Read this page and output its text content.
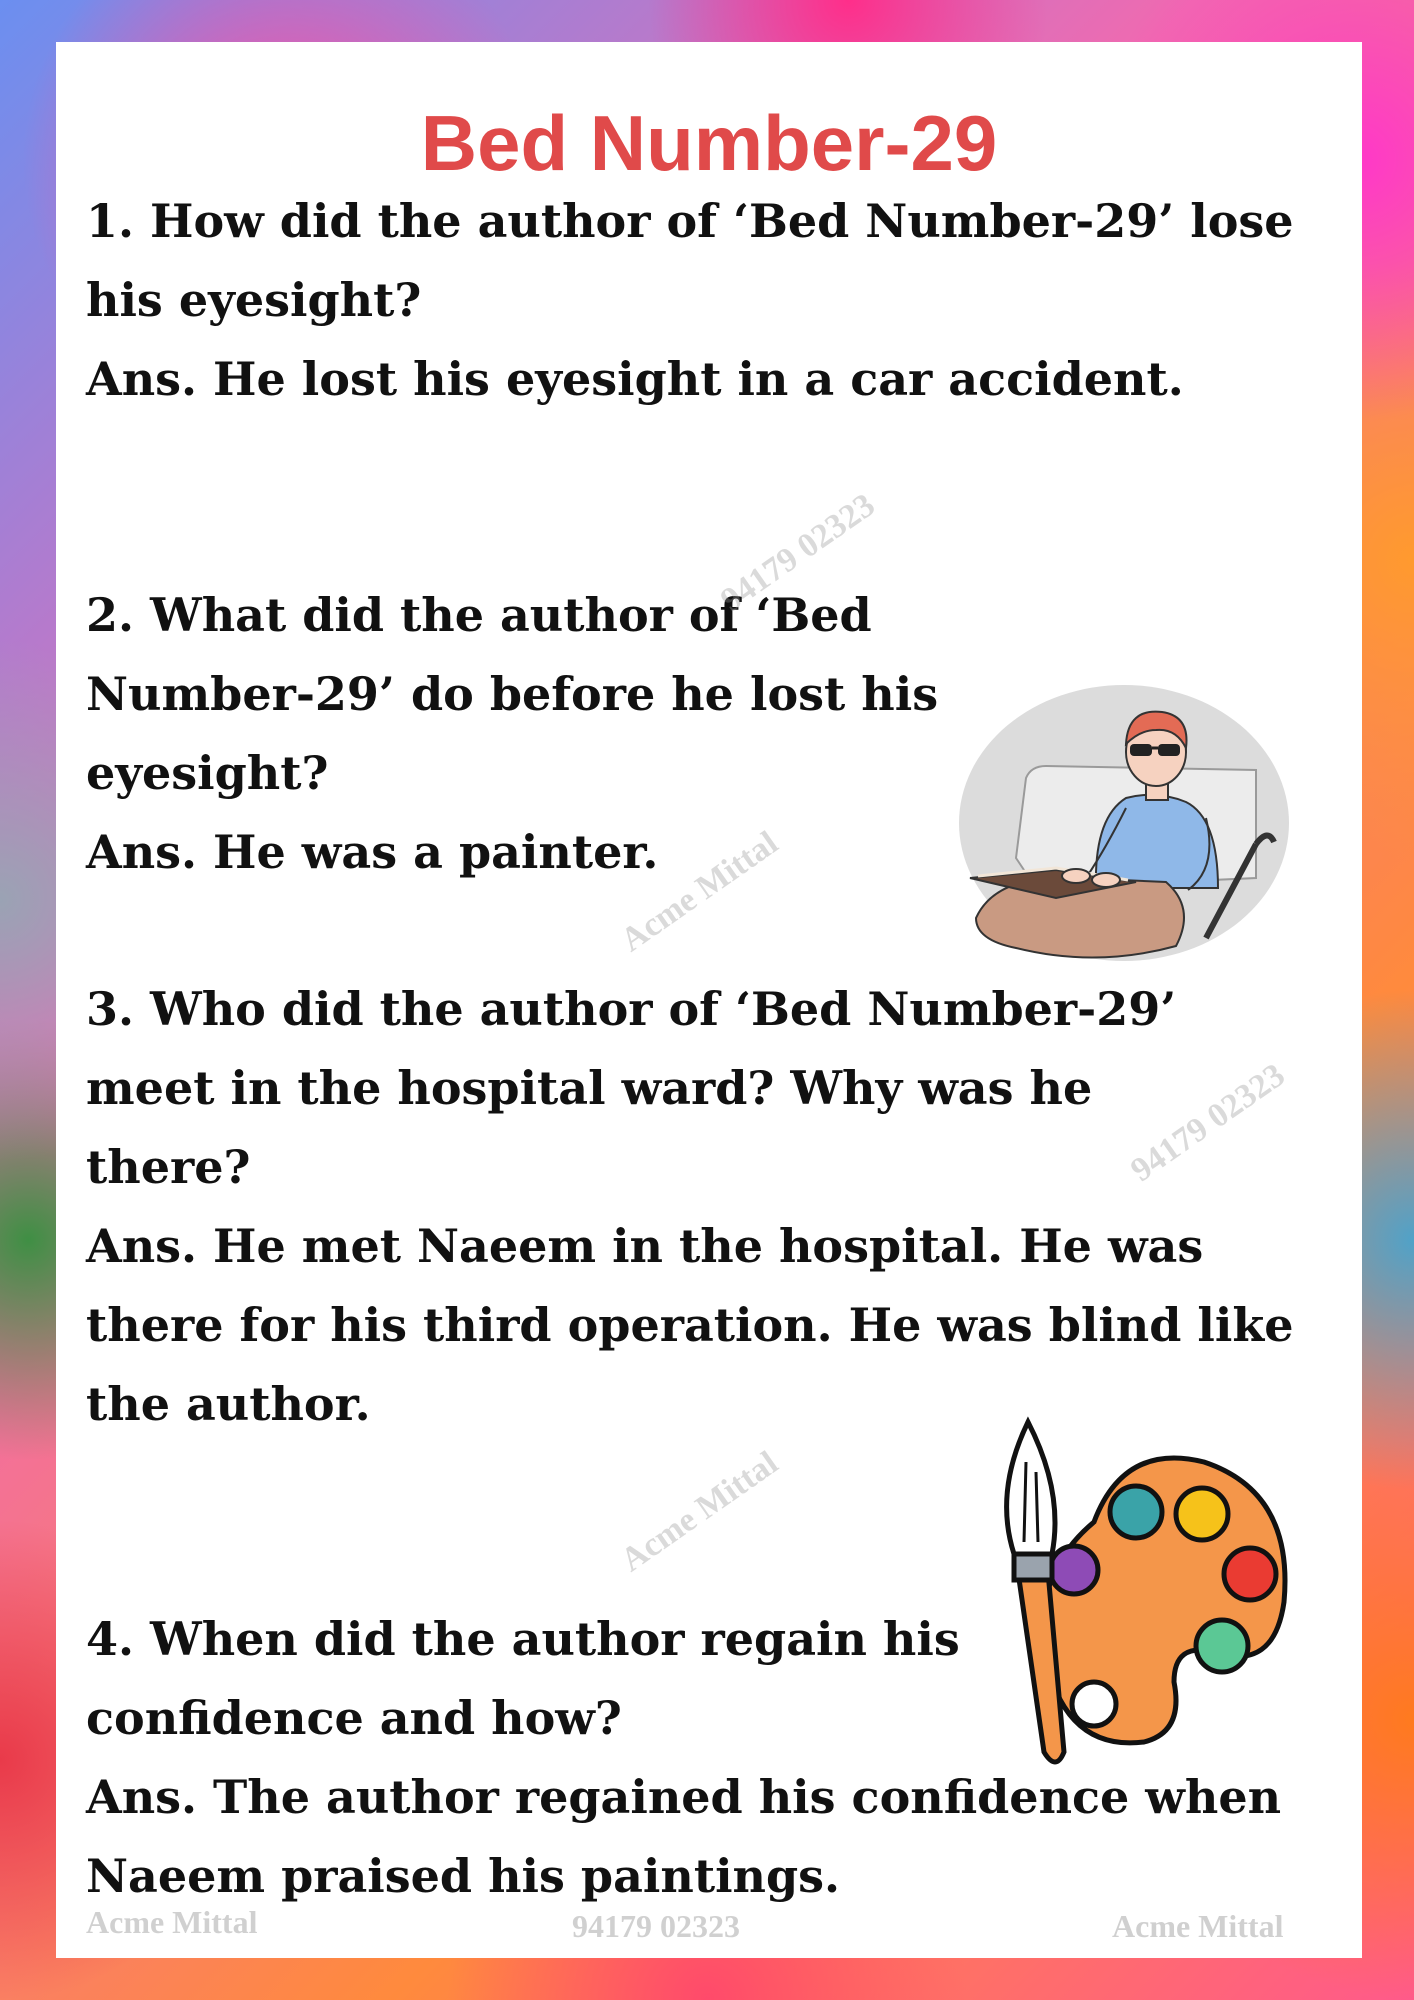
Bed Number-29

1. How did the author of ‘Bed Number-29’ lose his eyesight?

Ans. He lost his eyesight in a car accident.

2. What did the author of ‘Bed Number-29’ do before he lost his eyesight?

Ans. He was a painter.

3. Who did the author of ‘Bed Number-29’ meet in the hospital ward? Why was he there?

Ans. He met Naeem in the hospital. He was there for his third operation. He was blind like the author.

4. When did the author regain his confidence and how?

Ans. The author regained his confidence when Naeem praised his paintings.

94179 02323
Acme Mittal
94179 02323
Acme Mittal
Acme Mittal	94179 02323	Acme Mittal
